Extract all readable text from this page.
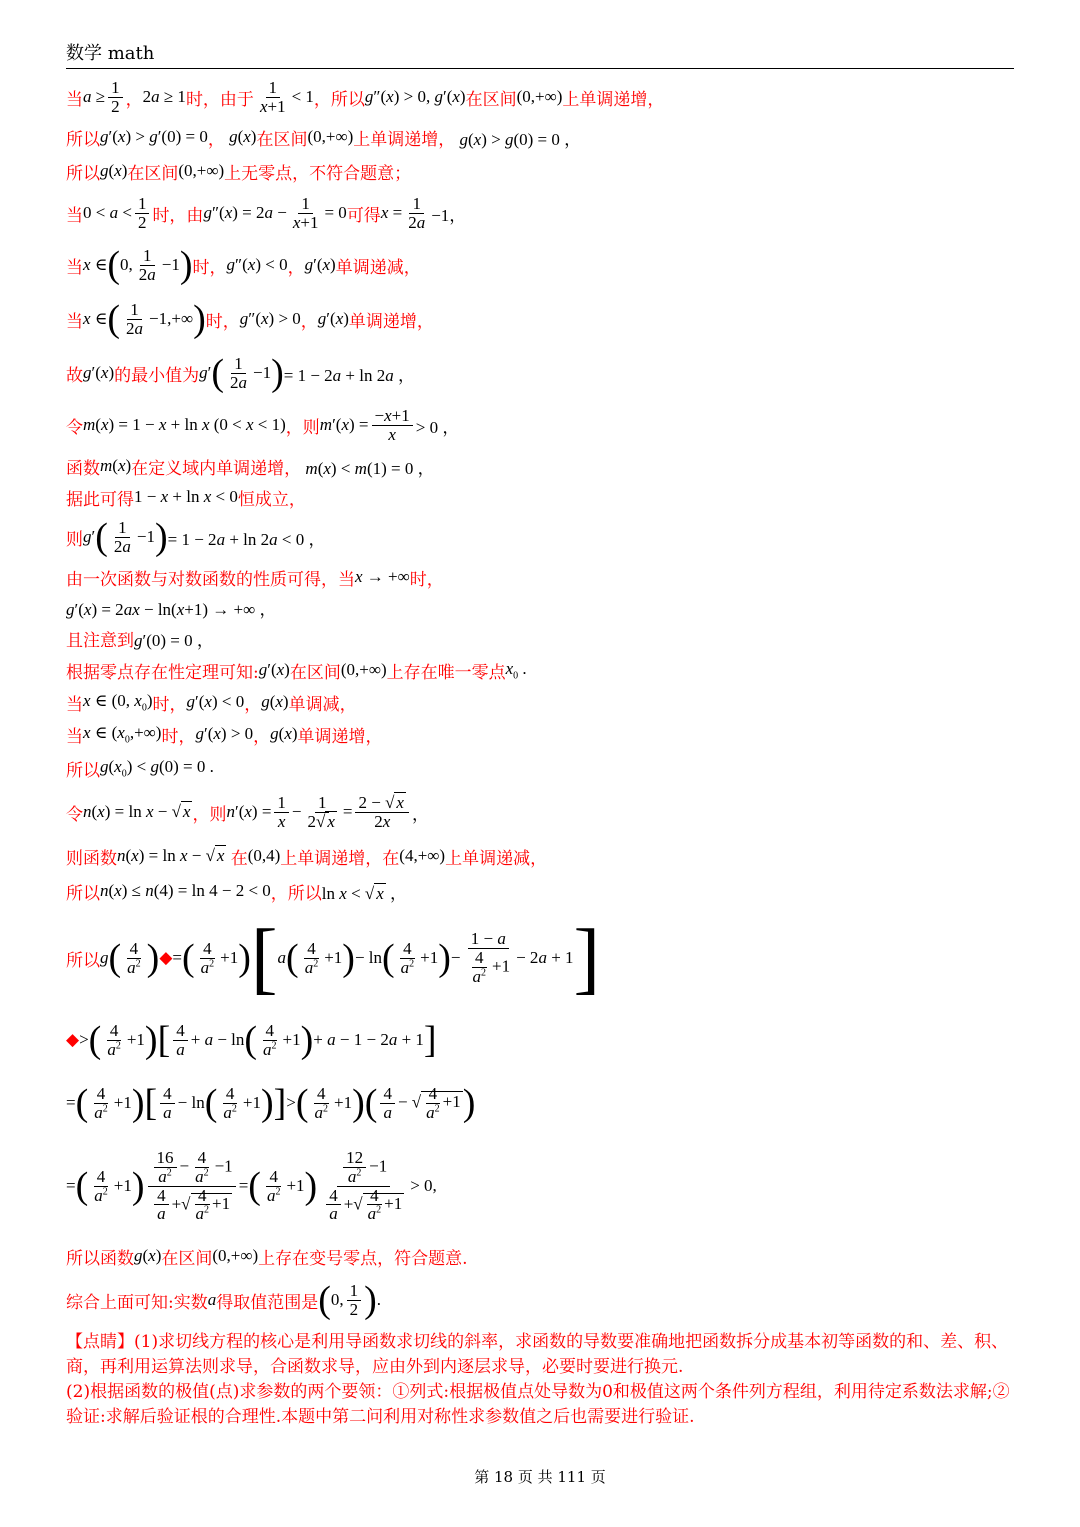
数学 math
当 $a \ge \frac{1}{2}$ ， 2a ≥ 1 时，由于 $\frac{1}{x+1} < 1$ ，所以 g″(x) > 0, g′(x) 在区间 (0,+∞) 上单调递增，
所以 g′(x) > g′(0) = 0 ， g(x) 在区间 (0,+∞) 上单调递增， g(x) > g(0) = 0 ，
所以 g(x) 在区间 (0,+∞) 上无零点，不符合题意；
当 $0 < a < \frac{1}{2}$ 时，由 $g''(x) = 2a - \frac{1}{x+1} = 0$ 可得 $x = \frac{1}{2a} -1$，
当 x ∈ ( 0, $\frac{1}{2a} -1$ ) 时， g″(x) < 0 ， g′(x) 单调递减，
当 x ∈ ( $\frac{1}{2a} -1,+\infty$ ) 时， g″(x) > 0 ， g′(x) 单调递增，
故 g′(x) 的最小值为 g′ ( $\frac{1}{2a} -1$ ) = 1 − 2a + ln 2a ，
令 m(x) = 1 − x + ln x (0 < x < 1) ，则 $m'(x) = \frac{-x+1}{x} > 0$ ，
函数 m(x) 在定义域内单调递增， m(x) < m(1) = 0 ，
据此可得 1 − x + ln x < 0 恒成立，
则 g′ ( $\frac{1}{2a} -1$ ) = 1 − 2a + ln 2a < 0 ，
由一次函数与对数函数的性质可得，当 x → +∞ 时，
g′(x) = 2ax − ln(x+1) → +∞ ，
且注意到 g′(0) = 0 ，
根据零点存在性定理可知: g′(x) 在区间 (0,+∞) 上存在唯一零点 $x_0$ .
当 x ∈ (0, $x_0$) 时， g′(x) < 0 ， g(x) 单调减，
当 x ∈ $(x_0,+\infty)$ 时， g′(x) > 0 ， g(x) 单调递增，
所以 $g(x_0) < g(0) = 0$ .
令 n(x) = ln x − √ x ，则 $n'(x) = \frac{1}{x} - \frac{1}{2√ x} = \frac{2 - √ x}{2x}$ ，
则函数 n(x) = ln x − √ x 在 (0,4) 上单调递增，在 (4,+∞) 上单调递减，
所以 n(x) ≤ n(4) = ln 4 − 2 < 0 ，所以 ln x < √ x ，
所以 g ( $\frac{4}{a^2}$ ) ◆ = ( $\frac{4}{a^2} +1$ ) [ a ( $\frac{4}{a^2} +1$ ) − ln ( $\frac{4}{a^2} +1$ ) − $\frac{1 - a}{\frac{4}{a^2} +1} - 2a + 1$ ]
◆ > ( $\frac{4}{a^2} +1$ ) [ $\frac{4}{a} + a - \ln$ ( $\frac{4}{a^2} +1$ ) + a − 1 − 2a + 1 ]
= ( $\frac{4}{a^2} +1$ ) [ $\frac{4}{a} - \ln$ ( $\frac{4}{a^2} +1$ ) ] > ( $\frac{4}{a^2} +1$ ) ( $\frac{4}{a}$ − √ $\frac{4}{a^2} +1$ )
= ( $\frac{4}{a^2} +1$ ) $\frac{\frac{16}{a^2} - \frac{4}{a^2} -1}{\frac{4}{a} +√ \frac{4}{a^2} +1}$ = ( $\frac{4}{a^2} +1$ ) $\frac{\frac{12}{a^2} -1}{\frac{4}{a} +√ \frac{4}{a^2} +1} > 0$,
所以函数 g(x) 在区间 (0,+∞) 上存在变号零点，符合题意.
综合上面可知:实数 a 得取值范围是 ( 0, $\frac{1}{2}$ ) .
【点睛】(1)求切线方程的核心是利用导函数求切线的斜率，求函数的导数要准确地把函数拆分成基本初等函数的和、差、积、商，再利用运算法则求导，合函数求导，应由外到内逐层求导，必要时要进行换元.
(2)根据函数的极值(点)求参数的两个要领：①列式:根据极值点处导数为0和极值这两个条件列方程组，利用待定系数法求解;②验证:求解后验证根的合理性.本题中第二问利用对称性求参数值之后也需要进行验证.
第 18 页 共 111 页
